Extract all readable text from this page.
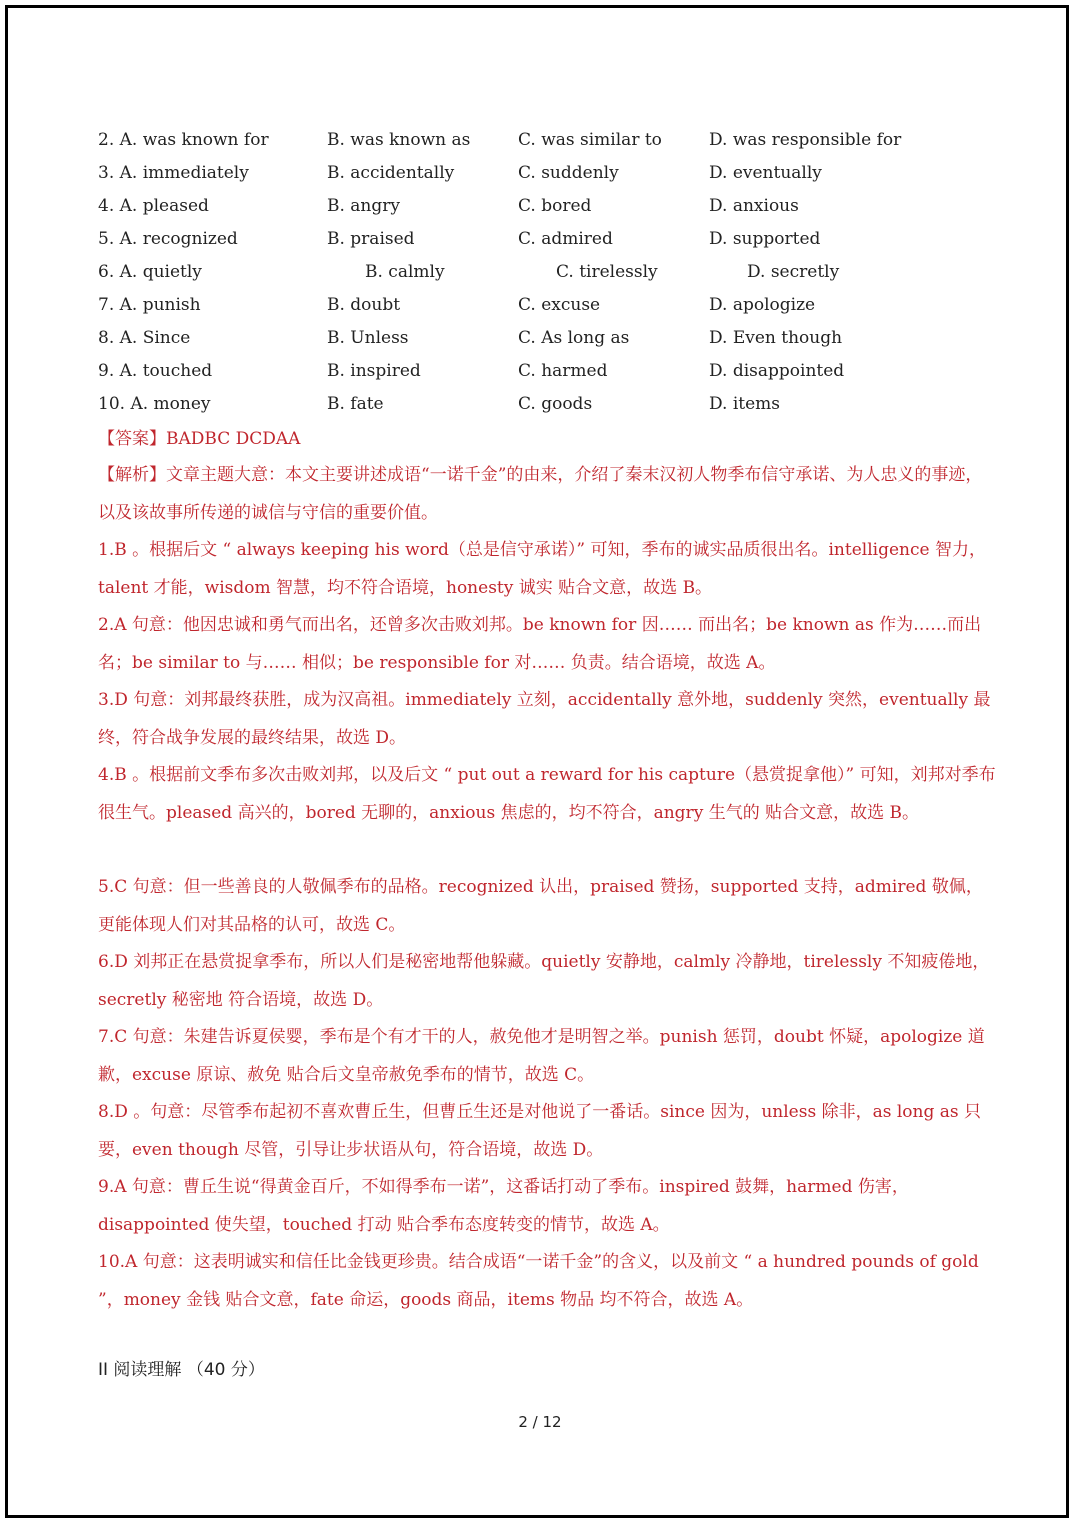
2. A. was known for	B. was known as	C. was similar to	D. was responsible for
3. A. immediately	B. accidentally	C. suddenly	D. eventually
4. A. pleased	B. angry	C. bored	D. anxious
5. A. recognized	B. praised	C. admired	D. supported
6. A. quietly	B. calmly	C. tirelessly	D. secretly
7. A. punish	B. doubt	C. excuse	D. apologize
8. A. Since	B. Unless	C. As long as	D. Even though
9. A. touched	B. inspired	C. harmed	D. disappointed
10. A. money	B. fate	C. goods	D. items
【答案】BADBC DCDAA
【解析】文章主题大意：本文主要讲述成语“一诺千金”的由来，介绍了秦末汉初人物季布信守承诺、为人忠义的事迹，以及该故事所传递的诚信与守信的重要价值。
1.B 。根据后文 “ always keeping his word（总是信守承诺）” 可知，季布的诚实品质很出名。intelligence 智力，talent 才能，wisdom 智慧，均不符合语境，honesty 诚实 贴合文意，故选 B。
2.A 句意：他因忠诚和勇气而出名，还曾多次击败刘邦。be known for 因…… 而出名；be known as 作为……而出名；be similar to 与…… 相似；be responsible for 对…… 负责。结合语境，故选 A。
3.D 句意：刘邦最终获胜，成为汉高祖。immediately 立刻，accidentally 意外地，suddenly 突然，eventually 最终，符合战争发展的最终结果，故选 D。
4.B 。根据前文季布多次击败刘邦，以及后文 “ put out a reward for his capture（悬赏捉拿他）” 可知，刘邦对季布很生气。pleased 高兴的，bored 无聊的，anxious 焦虑的，均不符合，angry 生气的 贴合文意，故选 B。
5.C 句意：但一些善良的人敬佩季布的品格。recognized 认出，praised 赞扬，supported 支持，admired 敬佩，更能体现人们对其品格的认可，故选 C。
6.D 刘邦正在悬赏捉拿季布，所以人们是秘密地帮他躲藏。quietly 安静地，calmly 冷静地，tirelessly 不知疲倦地，secretly 秘密地 符合语境，故选 D。
7.C 句意：朱建告诉夏侯婴，季布是个有才干的人，赦免他才是明智之举。punish 惩罚，doubt 怀疑，apologize 道歉，excuse 原谅、赦免 贴合后文皇帝赦免季布的情节，故选 C。
8.D 。句意：尽管季布起初不喜欢曹丘生，但曹丘生还是对他说了一番话。since 因为，unless 除非，as long as 只要，even though 尽管，引导让步状语从句，符合语境，故选 D。
9.A 句意：曹丘生说“得黄金百斤，不如得季布一诺”，这番话打动了季布。inspired 鼓舞，harmed 伤害，disappointed 使失望，touched 打动 贴合季布态度转变的情节，故选 A。
10.A 句意：这表明诚实和信任比金钱更珍贵。结合成语“一诺千金”的含义，以及前文 “ a hundred pounds of gold ”，money 金钱 贴合文意，fate 命运，goods 商品，items 物品 均不符合，故选 A。
II 阅读理解 （40 分）
2 / 12
